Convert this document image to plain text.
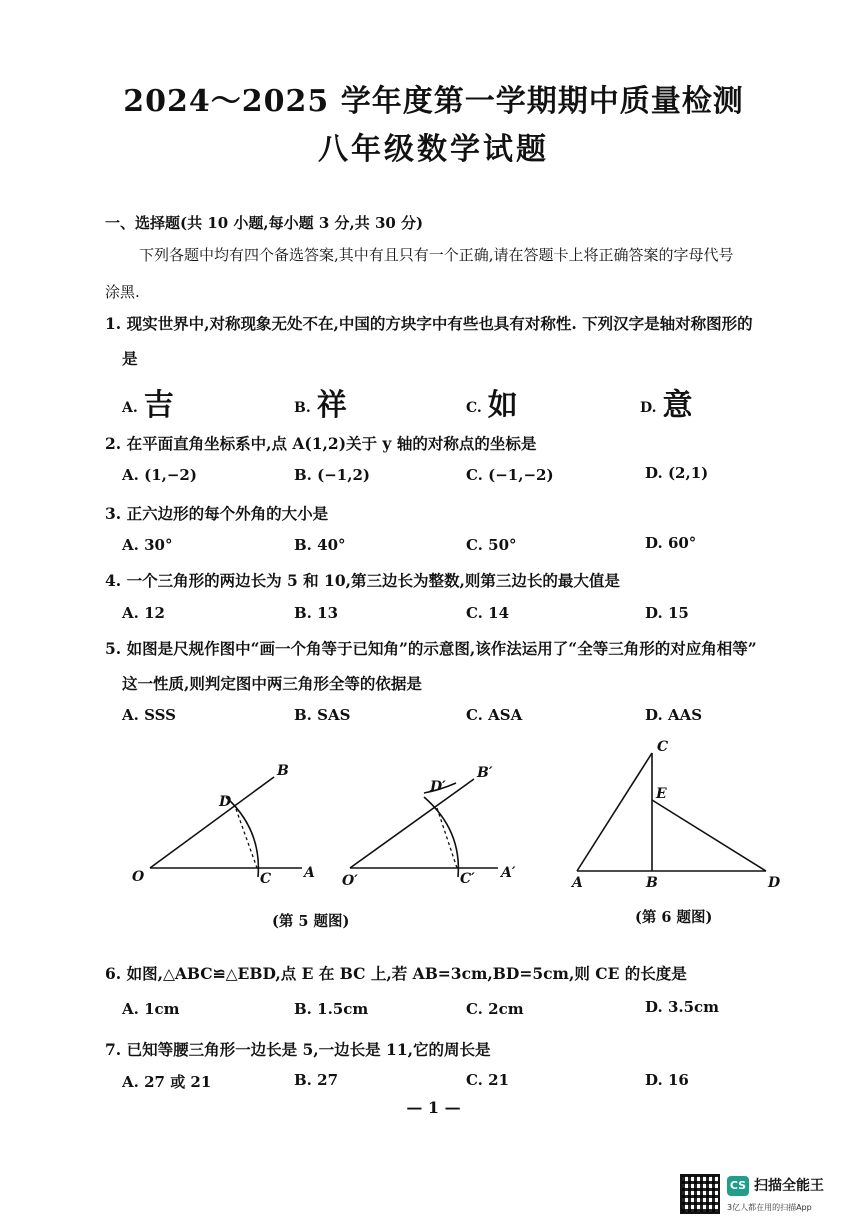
2024～2025 学年度第一学期期中质量检测
八年级数学试题
一、选择题(共 10 小题,每小题 3 分,共 30 分)
下列各题中均有四个备选答案,其中有且只有一个正确,请在答题卡上将正确答案的字母代号
涂黑.
1. 现实世界中,对称现象无处不在,中国的方块字中有些也具有对称性. 下列汉字是轴对称图形的
是
A. 吉	B. 祥	C. 如	D. 意
2. 在平面直角坐标系中,点 A(1,2)关于 y 轴的对称点的坐标是
A. (1,−2)	B. (−1,2)	C. (−1,−2)	D. (2,1)
3. 正六边形的每个外角的大小是
A. 30°	B. 40°	C. 50°	D. 60°
4. 一个三角形的两边长为 5 和 10,第三边长为整数,则第三边长的最大值是
A. 12	B. 13	C. 14	D. 15
5. 如图是尺规作图中“画一个角等于已知角”的示意图,该作法运用了“全等三角形的对应角相等”
这一性质,则判定图中两三角形全等的依据是
A. SSS	B. SAS	C. ASA	D. AAS
O	A
B
C
D
O′	A′
B′
C′
D′
A	B
C
D
E
(第 5 题图)	(第 6 题图)
6. 如图,△ABC≌△EBD,点 E 在 BC 上,若 AB=3cm,BD=5cm,则 CE 的长度是
A. 1cm	B. 1.5cm	C. 2cm	D. 3.5cm
7. 已知等腰三角形一边长是 5,一边长是 11,它的周长是
A. 27 或 21	B. 27	C. 21	D. 16
— 1 —
CS 扫描全能王
3亿人都在用的扫描App
